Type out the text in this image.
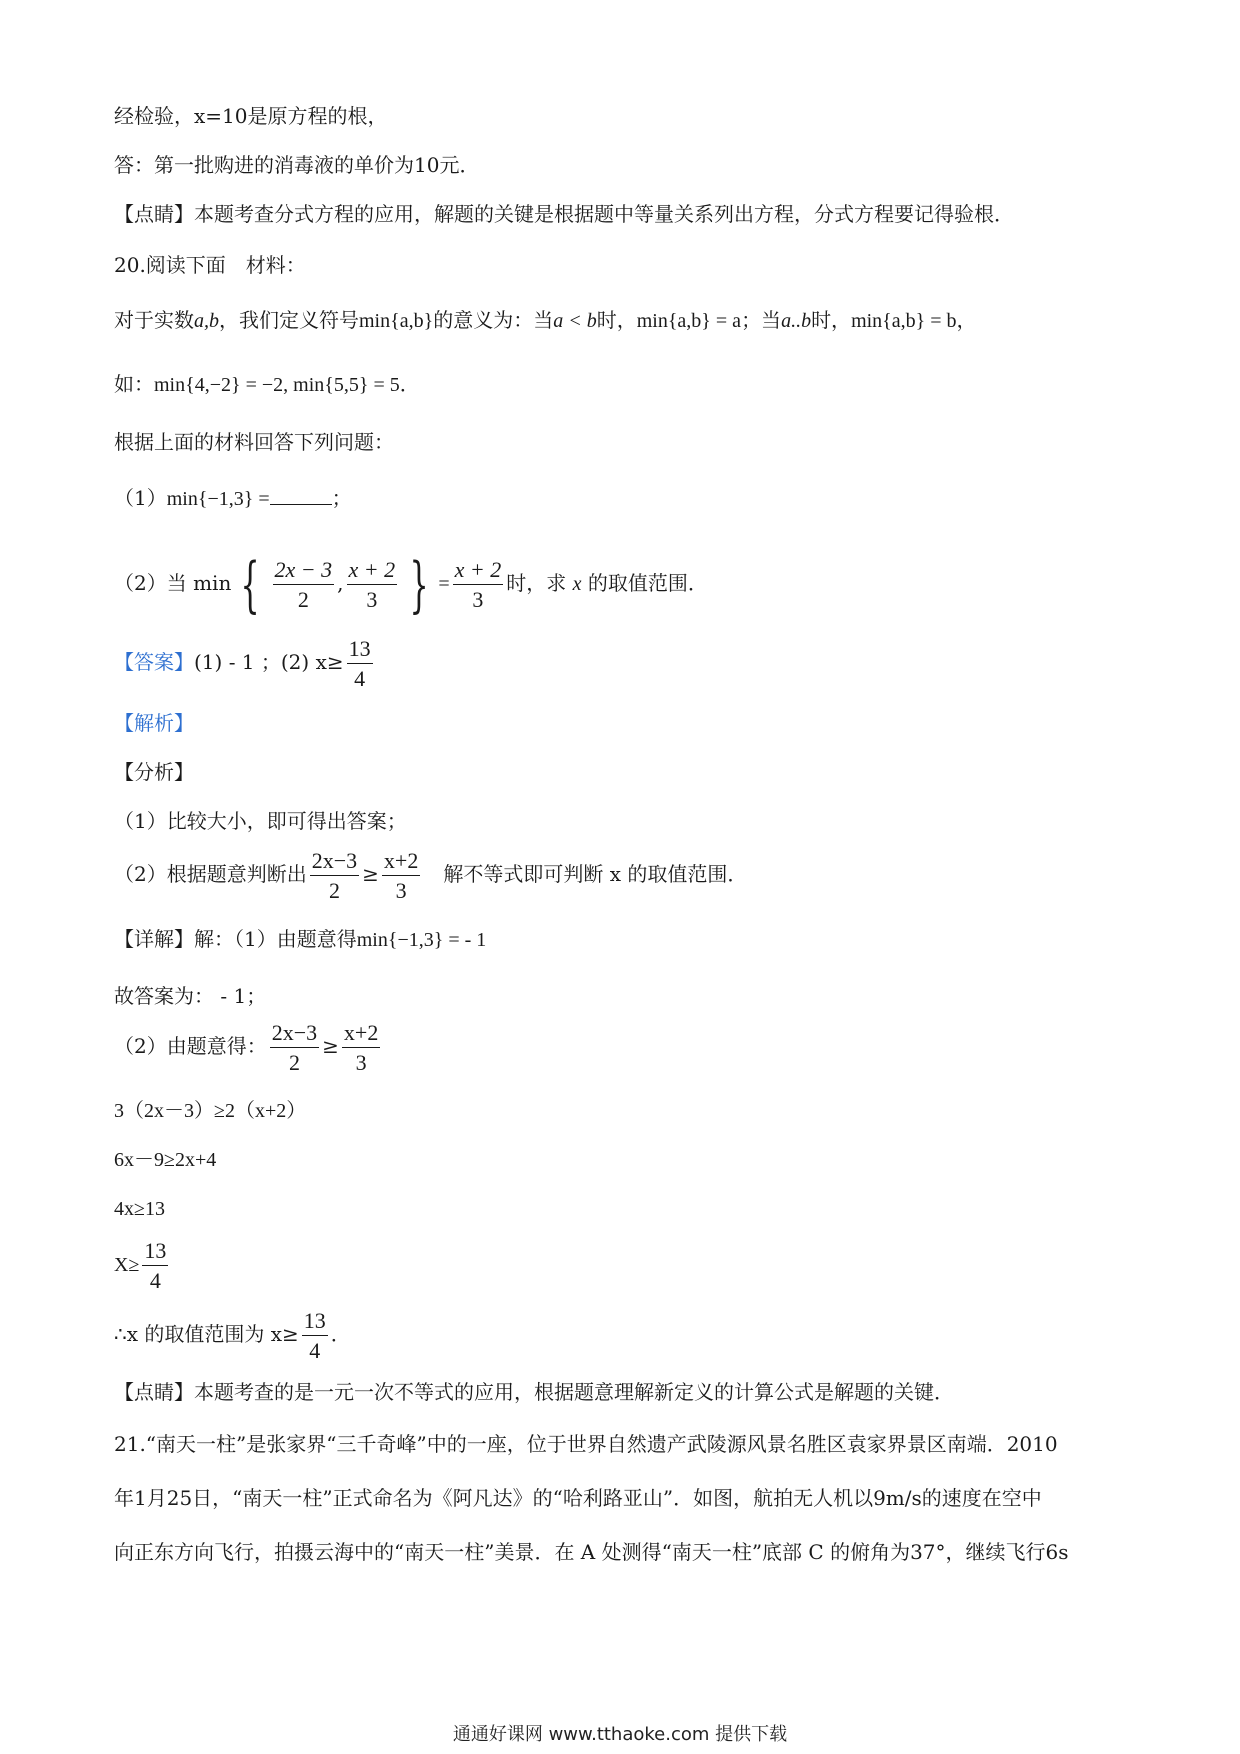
经检验，x=10是原方程的根，
答：第一批购进的消毒液的单价为10元．
【点睛】本题考查分式方程的应用，解题的关键是根据题中等量关系列出方程，分式方程要记得验根．
20.阅读下面　材料：
对于实数a,b，我们定义符号min{a,b}的意义为：当a < b时，min{a,b} = a；当a..b时，min{a,b} = b，
如：min{4,−2} = −2, min{5,5} = 5．
根据上面的材料回答下列问题：
（1）min{−1,3} =	；
（2）当 min { $\frac{2x - 3}{2}$ , $\frac{x + 2}{3}$ } = $\frac{x + 2}{3}$ 时，求 x 的取值范围．
【答案】(1) - 1 ；(2) $x\ge \frac{13}{4}$
【解析】
【分析】
（1）比较大小，即可得出答案；
（2）根据题意判断出 $\frac{2x-3}{2} \ge \frac{x+2}{3}$
　 解不等式即可判断 x 的取值范围．
【详解】解：（1）由题意得min{−1,3} = - 1
故答案为： - 1；
（2）由题意得： $\frac{2x-3}{2} \ge \frac{x+2}{3}$
3（2x－3）≥2（x+2）
6x－9≥2x+4
4x≥13
$X\ge \frac{13}{4}$
∴x 的取值范围为 $x\ge \frac{13}{4}$ ．
【点睛】本题考查的是一元一次不等式的应用，根据题意理解新定义的计算公式是解题的关键．
21.“南天一柱”是张家界“三千奇峰”中的一座，位于世界自然遗产武陵源风景名胜区袁家界景区南端．2010
年1月25日，“南天一柱”正式命名为《阿凡达》的“哈利路亚山”．如图，航拍无人机以9m/s的速度在空中
向正东方向飞行，拍摄云海中的“南天一柱”美景．在 A 处测得“南天一柱”底部 C 的俯角为37°，继续飞行6s
通通好课网 www.tthaoke.com 提供下载
